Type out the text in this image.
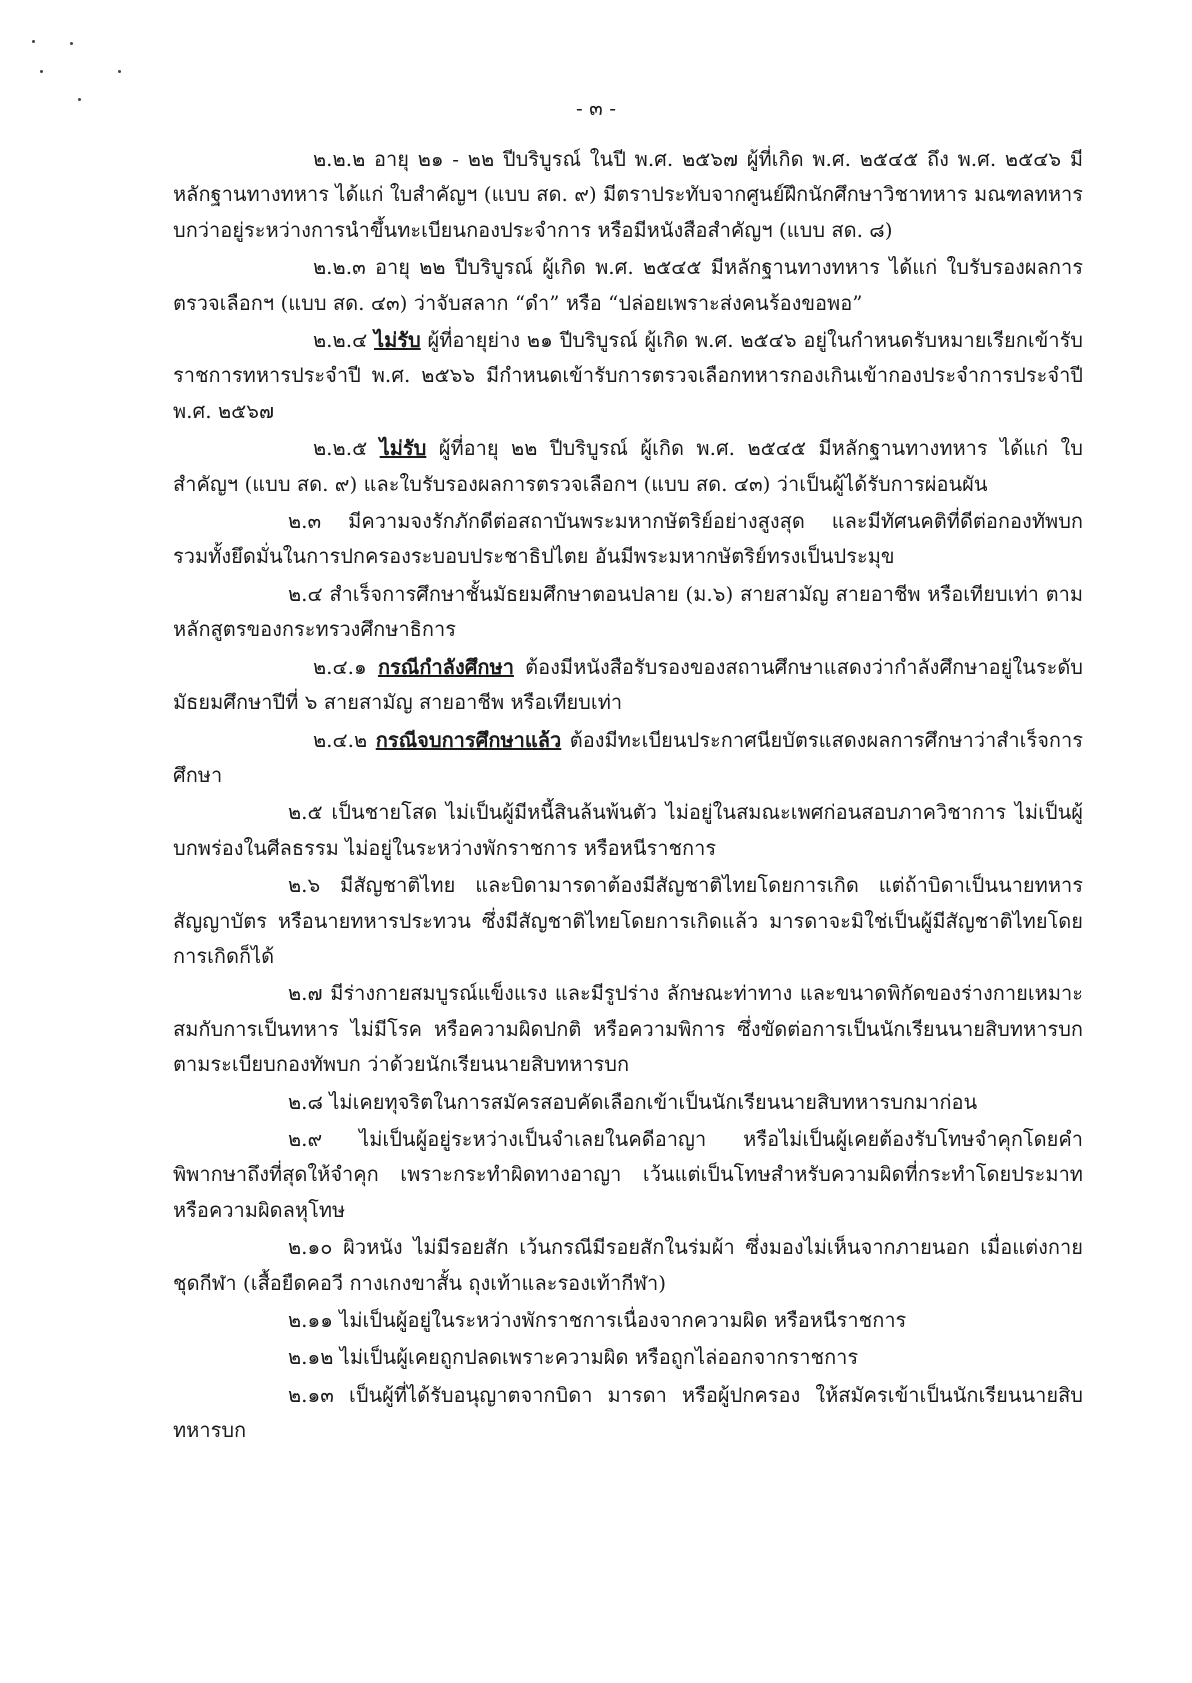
- ๓ -

๒.๒.๒ อายุ ๒๑ - ๒๒ ปีบริบูรณ์ ในปี พ.ศ. ๒๕๖๗ ผู้ที่เกิด พ.ศ. ๒๕๔๕ ถึง พ.ศ. ๒๕๔๖ มีหลักฐานทางทหาร ได้แก่ ใบสำคัญฯ (แบบ สด. ๙) มีตราประทับจากศูนย์ฝึกนักศึกษาวิชาทหาร มณฑลทหารบกว่าอยู่ระหว่างการนำขึ้นทะเบียนกองประจำการ หรือมีหนังสือสำคัญฯ (แบบ สด. ๘)

๒.๒.๓ อายุ ๒๒ ปีบริบูรณ์ ผู้เกิด พ.ศ. ๒๕๔๕ มีหลักฐานทางทหาร ได้แก่ ใบรับรองผลการตรวจเลือกฯ (แบบ สด. ๔๓) ว่าจับสลาก “ดำ” หรือ “ปล่อยเพราะส่งคนร้องขอพอ”

๒.๒.๔ ไม่รับ ผู้ที่อายุย่าง ๒๑ ปีบริบูรณ์ ผู้เกิด พ.ศ. ๒๕๔๖ อยู่ในกำหนดรับหมายเรียกเข้ารับราชการทหารประจำปี พ.ศ. ๒๕๖๖ มีกำหนดเข้ารับการตรวจเลือกทหารกองเกินเข้ากองประจำการประจำปี พ.ศ. ๒๕๖๗

๒.๒.๕ ไม่รับ ผู้ที่อายุ ๒๒ ปีบริบูรณ์ ผู้เกิด พ.ศ. ๒๕๔๕ มีหลักฐานทางทหาร ได้แก่ ใบสำคัญฯ (แบบ สด. ๙) และใบรับรองผลการตรวจเลือกฯ (แบบ สด. ๔๓) ว่าเป็นผู้ได้รับการผ่อนผัน

๒.๓ มีความจงรักภักดีต่อสถาบันพระมหากษัตริย์อย่างสูงสุด และมีทัศนคติที่ดีต่อกองทัพบก รวมทั้งยึดมั่นในการปกครองระบอบประชาธิปไตย อันมีพระมหากษัตริย์ทรงเป็นประมุข

๒.๔ สำเร็จการศึกษาชั้นมัธยมศึกษาตอนปลาย (ม.๖) สายสามัญ สายอาชีพ หรือเทียบเท่า ตามหลักสูตรของกระทรวงศึกษาธิการ

๒.๔.๑ กรณีกำลังศึกษา ต้องมีหนังสือรับรองของสถานศึกษาแสดงว่ากำลังศึกษาอยู่ในระดับมัธยมศึกษาปีที่ ๖ สายสามัญ สายอาชีพ หรือเทียบเท่า

๒.๔.๒ กรณีจบการศึกษาแล้ว ต้องมีทะเบียนประกาศนียบัตรแสดงผลการศึกษาว่าสำเร็จการศึกษา

๒.๕ เป็นชายโสด ไม่เป็นผู้มีหนี้สินล้นพ้นตัว ไม่อยู่ในสมณะเพศก่อนสอบภาควิชาการ ไม่เป็นผู้บกพร่องในศีลธรรม ไม่อยู่ในระหว่างพักราชการ หรือหนีราชการ

๒.๖ มีสัญชาติไทย และบิดามารดาต้องมีสัญชาติไทยโดยการเกิด แต่ถ้าบิดาเป็นนายทหารสัญญาบัตร หรือนายทหารประทวน ซึ่งมีสัญชาติไทยโดยการเกิดแล้ว มารดาจะมิใช่เป็นผู้มีสัญชาติไทยโดยการเกิดก็ได้

๒.๗ มีร่างกายสมบูรณ์แข็งแรง และมีรูปร่าง ลักษณะท่าทาง และขนาดพิกัดของร่างกายเหมาะสมกับการเป็นทหาร ไม่มีโรค หรือความผิดปกติ หรือความพิการ ซึ่งขัดต่อการเป็นนักเรียนนายสิบทหารบกตามระเบียบกองทัพบก ว่าด้วยนักเรียนนายสิบทหารบก

๒.๘ ไม่เคยทุจริตในการสมัครสอบคัดเลือกเข้าเป็นนักเรียนนายสิบทหารบกมาก่อน

๒.๙ ไม่เป็นผู้อยู่ระหว่างเป็นจำเลยในคดีอาญา หรือไม่เป็นผู้เคยต้องรับโทษจำคุกโดยคำพิพากษาถึงที่สุดให้จำคุก เพราะกระทำผิดทางอาญา เว้นแต่เป็นโทษสำหรับความผิดที่กระทำโดยประมาท หรือความผิดลหุโทษ

๒.๑๐ ผิวหนัง ไม่มีรอยสัก เว้นกรณีมีรอยสักในร่มผ้า ซึ่งมองไม่เห็นจากภายนอก เมื่อแต่งกายชุดกีฬา (เสื้อยืดคอวี กางเกงขาสั้น ถุงเท้าและรองเท้ากีฬา)

๒.๑๑ ไม่เป็นผู้อยู่ในระหว่างพักราชการเนื่องจากความผิด หรือหนีราชการ

๒.๑๒ ไม่เป็นผู้เคยถูกปลดเพราะความผิด หรือถูกไล่ออกจากราชการ

๒.๑๓ เป็นผู้ที่ได้รับอนุญาตจากบิดา มารดา หรือผู้ปกครอง ให้สมัครเข้าเป็นนักเรียนนายสิบทหารบก
